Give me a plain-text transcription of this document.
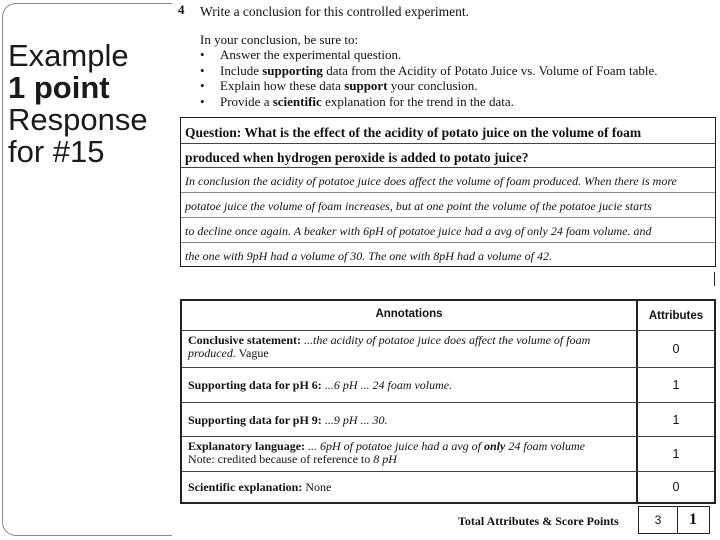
Example
1 point
Response
for #15
4 Write a conclusion for this controlled experiment.
In your conclusion, be sure to:
• Answer the experimental question.
• Include supporting data from the Acidity of Potato Juice vs. Volume of Foam table.
• Explain how these data support your conclusion.
• Provide a scientific explanation for the trend in the data.
Question: What is the effect of the acidity of potato juice on the volume of foam
produced when hydrogen peroxide is added to potato juice?
In conclusion the acidity of potatoe juice does affect the volume of foam produced. When there is more
potatoe juice the volume of foam increases, but at one point the volume of the potatoe jucie starts
to decline once again. A beaker with 6pH of potatoe juice had a avg of only 24 foam volume. and
the one with 9pH had a volume of 30. The one with 8pH had a volume of 42.
Annotations	Attributes
Conclusive statement: ...the acidity of potatoe juice does affect the volume of foam produced. Vague	0
Supporting data for pH 6: ...6 pH ... 24 foam volume.	1
Supporting data for pH 9: ...9 pH ... 30.	1
Explanatory language: ... 6pH of potatoe juice had a avg of only 24 foam volume
Note: credited because of reference to 8 pH	1
Scientific explanation: None	0
Total Attributes & Score Points	3	1
